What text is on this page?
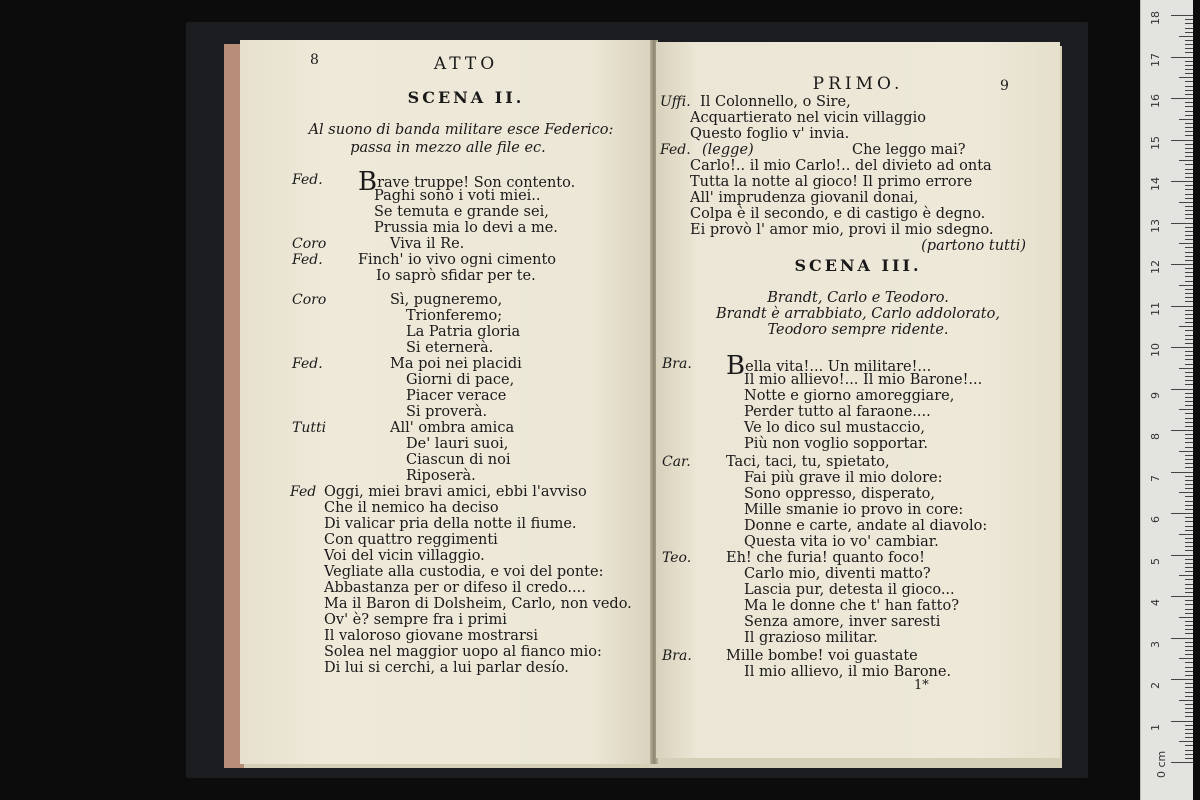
8	ATTO
SCENA II.
Al suono di banda militare esce Federico:
passa in mezzo alle file ec.
Fed. Brave truppe! Son contento.
Paghi sono i voti miei..
Se temuta e grande sei,
Prussia mia lo devi a me.
Coro	Viva il Re.
Fed. Finch' io vivo ogni cimento
Io saprò sfidar per te.
Coro	Sì, pugneremo,
Trionferemo;
La Patria gloria
Si eternerà.
Fed.	Ma poi nei placidi
Giorni di pace,
Piacer verace
Si proverà.
Tutti	All' ombra amica
De' lauri suoi,
Ciascun di noi
Riposerà.
Fed Oggi, miei bravi amici, ebbi l'avviso
Che il nemico ha deciso
Di valicar pria della notte il fiume.
Con quattro reggimenti
Voi del vicin villaggio.
Vegliate alla custodia, e voi del ponte:
Abbastanza per or difeso il credo....
Ma il Baron di Dolsheim, Carlo, non vedo.
Ov' è? sempre fra i primi
Il valoroso giovane mostrarsi
Solea nel maggior uopo al fianco mio:
Di lui si cerchi, a lui parlar desío.
PRIMO.	9
Uffi. Il Colonnello, o Sire,
Acquartierato nel vicin villaggio
Questo foglio v' invia.
Fed. (legge)	Che leggo mai?
Carlo!.. il mio Carlo!.. del divieto ad onta
Tutta la notte al gioco! Il primo errore
All' imprudenza giovanil donai,
Colpa è il secondo, e di castigo è degno.
Ei provò l' amor mio, provi il mio sdegno.
(partono tutti)
SCENA III.
Brandt, Carlo e Teodoro.
Brandt è arrabbiato, Carlo addolorato,
Teodoro sempre ridente.
Bra. Bella vita!... Un militare!...
Il mio allievo!... Il mio Barone!...
Notte e giorno amoreggiare,
Perder tutto al faraone....
Ve lo dico sul mustaccio,
Più non voglio sopportar.
Car. Taci, taci, tu, spietato,
Fai più grave il mio dolore:
Sono oppresso, disperato,
Mille smanie io provo in core:
Donne e carte, andate al diavolo:
Questa vita io vo' cambiar.
Teo. Eh! che furia! quanto foco!
Carlo mio, diventi matto?
Lascia pur, detesta il gioco...
Ma le donne che t' han fatto?
Senza amore, inver saresti
Il grazioso militar.
Bra. Mille bombe! voi guastate
Il mio allievo, il mio Barone.
1*
0 cm
1
2
3
4
5
6
7
8
9
10
11
12
13
14
15
16
17
18
